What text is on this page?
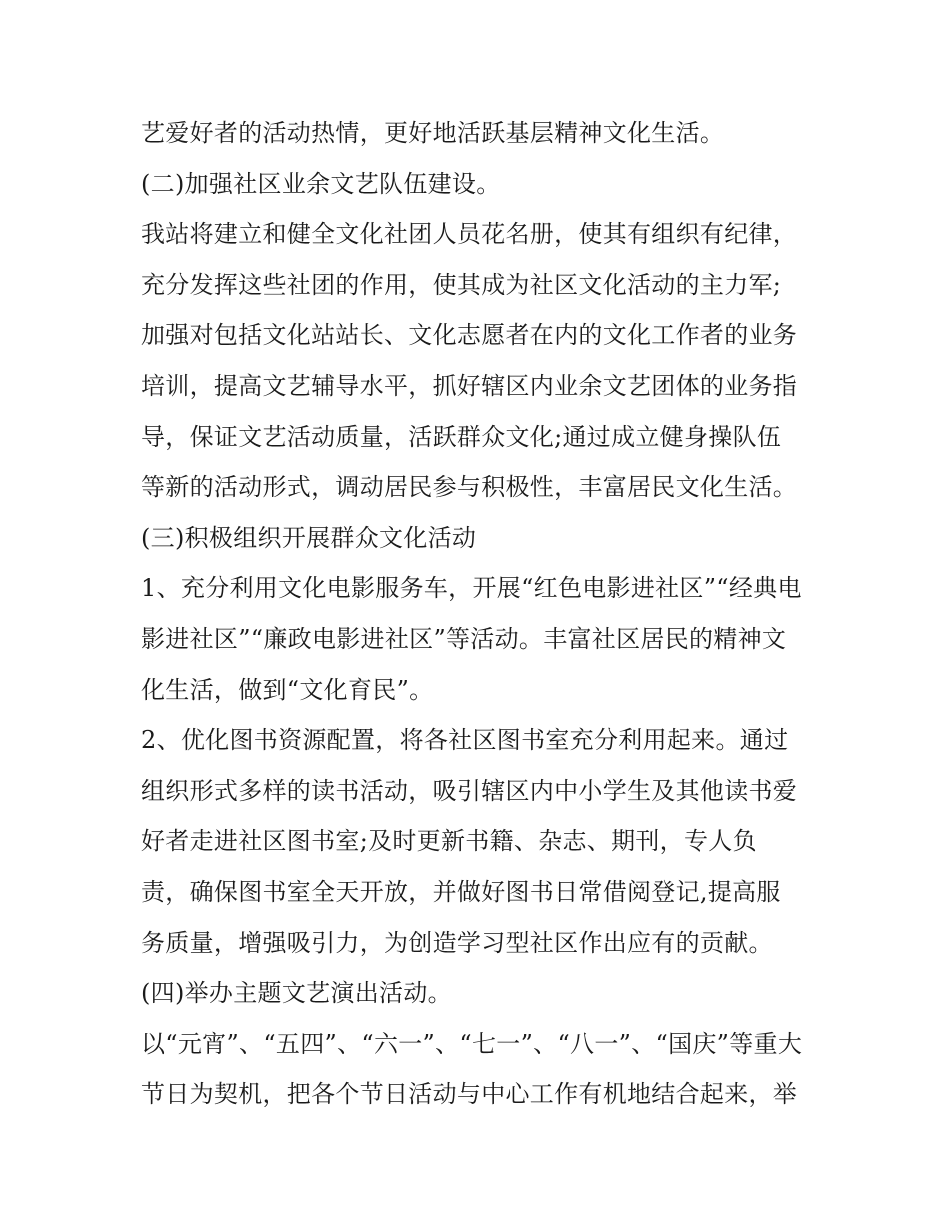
艺爱好者的活动热情，更好地活跃基层精神文化生活。
(二)加强社区业余文艺队伍建设。
我站将建立和健全文化社团人员花名册，使其有组织有纪律，
充分发挥这些社团的作用，使其成为社区文化活动的主力军;
加强对包括文化站站长、文化志愿者在内的文化工作者的业务
培训，提高文艺辅导水平，抓好辖区内业余文艺团体的业务指
导，保证文艺活动质量，活跃群众文化;通过成立健身操队伍
等新的活动形式，调动居民参与积极性，丰富居民文化生活。
(三)积极组织开展群众文化活动
1、充分利用文化电影服务车，开展“红色电影进社区”“经典电
影进社区”“廉政电影进社区”等活动。丰富社区居民的精神文
化生活，做到“文化育民”。
2、优化图书资源配置，将各社区图书室充分利用起来。通过
组织形式多样的读书活动，吸引辖区内中小学生及其他读书爱
好者走进社区图书室;及时更新书籍、杂志、期刊，专人负
责，确保图书室全天开放，并做好图书日常借阅登记,提高服
务质量，增强吸引力，为创造学习型社区作出应有的贡献。
(四)举办主题文艺演出活动。
以“元宵”、“五四”、“六一”、“七一”、“八一”、“国庆”等重大
节日为契机，把各个节日活动与中心工作有机地结合起来，举
